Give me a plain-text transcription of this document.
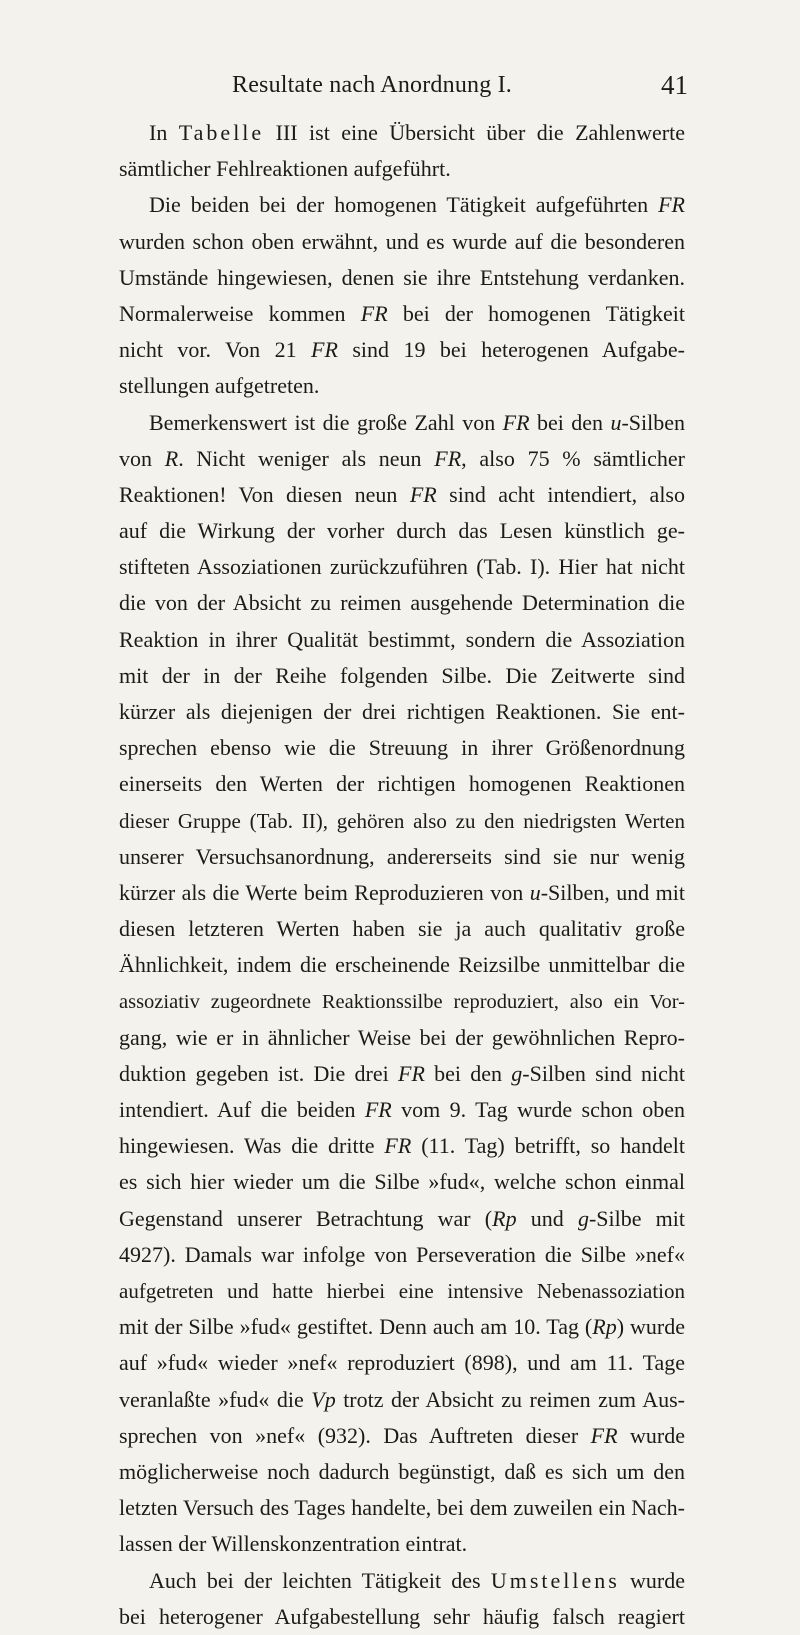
Resultate nach Anordnung I.	41
In Tabelle III ist eine Übersicht über die Zahlenwerte
sämtlicher Fehlreaktionen aufgeführt.
Die beiden bei der homogenen Tätigkeit aufgeführten FR
wurden schon oben erwähnt, und es wurde auf die besonderen
Umstände hingewiesen, denen sie ihre Entstehung verdanken.
Normalerweise kommen FR bei der homogenen Tätigkeit
nicht vor. Von 21 FR sind 19 bei heterogenen Aufgabe-
stellungen aufgetreten.
Bemerkenswert ist die große Zahl von FR bei den u-Silben
von R. Nicht weniger als neun FR, also 75 % sämtlicher
Reaktionen! Von diesen neun FR sind acht intendiert, also
auf die Wirkung der vorher durch das Lesen künstlich ge-
stifteten Assoziationen zurückzuführen (Tab. I). Hier hat nicht
die von der Absicht zu reimen ausgehende Determination die
Reaktion in ihrer Qualität bestimmt, sondern die Assoziation
mit der in der Reihe folgenden Silbe. Die Zeitwerte sind
kürzer als diejenigen der drei richtigen Reaktionen. Sie ent-
sprechen ebenso wie die Streuung in ihrer Größenordnung
einerseits den Werten der richtigen homogenen Reaktionen
dieser Gruppe (Tab. II), gehören also zu den niedrigsten Werten
unserer Versuchsanordnung, andererseits sind sie nur wenig
kürzer als die Werte beim Reproduzieren von u-Silben, und mit
diesen letzteren Werten haben sie ja auch qualitativ große
Ähnlichkeit, indem die erscheinende Reizsilbe unmittelbar die
assoziativ zugeordnete Reaktionssilbe reproduziert, also ein Vor-
gang, wie er in ähnlicher Weise bei der gewöhnlichen Repro-
duktion gegeben ist. Die drei FR bei den g-Silben sind nicht
intendiert. Auf die beiden FR vom 9. Tag wurde schon oben
hingewiesen. Was die dritte FR (11. Tag) betrifft, so handelt
es sich hier wieder um die Silbe »fud«, welche schon einmal
Gegenstand unserer Betrachtung war (Rp und g-Silbe mit
4927). Damals war infolge von Perseveration die Silbe »nef«
aufgetreten und hatte hierbei eine intensive Nebenassoziation
mit der Silbe »fud« gestiftet. Denn auch am 10. Tag (Rp) wurde
auf »fud« wieder »nef« reproduziert (898), und am 11. Tage
veranlaßte »fud« die Vp trotz der Absicht zu reimen zum Aus-
sprechen von »nef« (932). Das Auftreten dieser FR wurde
möglicherweise noch dadurch begünstigt, daß es sich um den
letzten Versuch des Tages handelte, bei dem zuweilen ein Nach-
lassen der Willenskonzentration eintrat.
Auch bei der leichten Tätigkeit des Umstellens wurde
bei heterogener Aufgabestellung sehr häufig falsch reagiert
